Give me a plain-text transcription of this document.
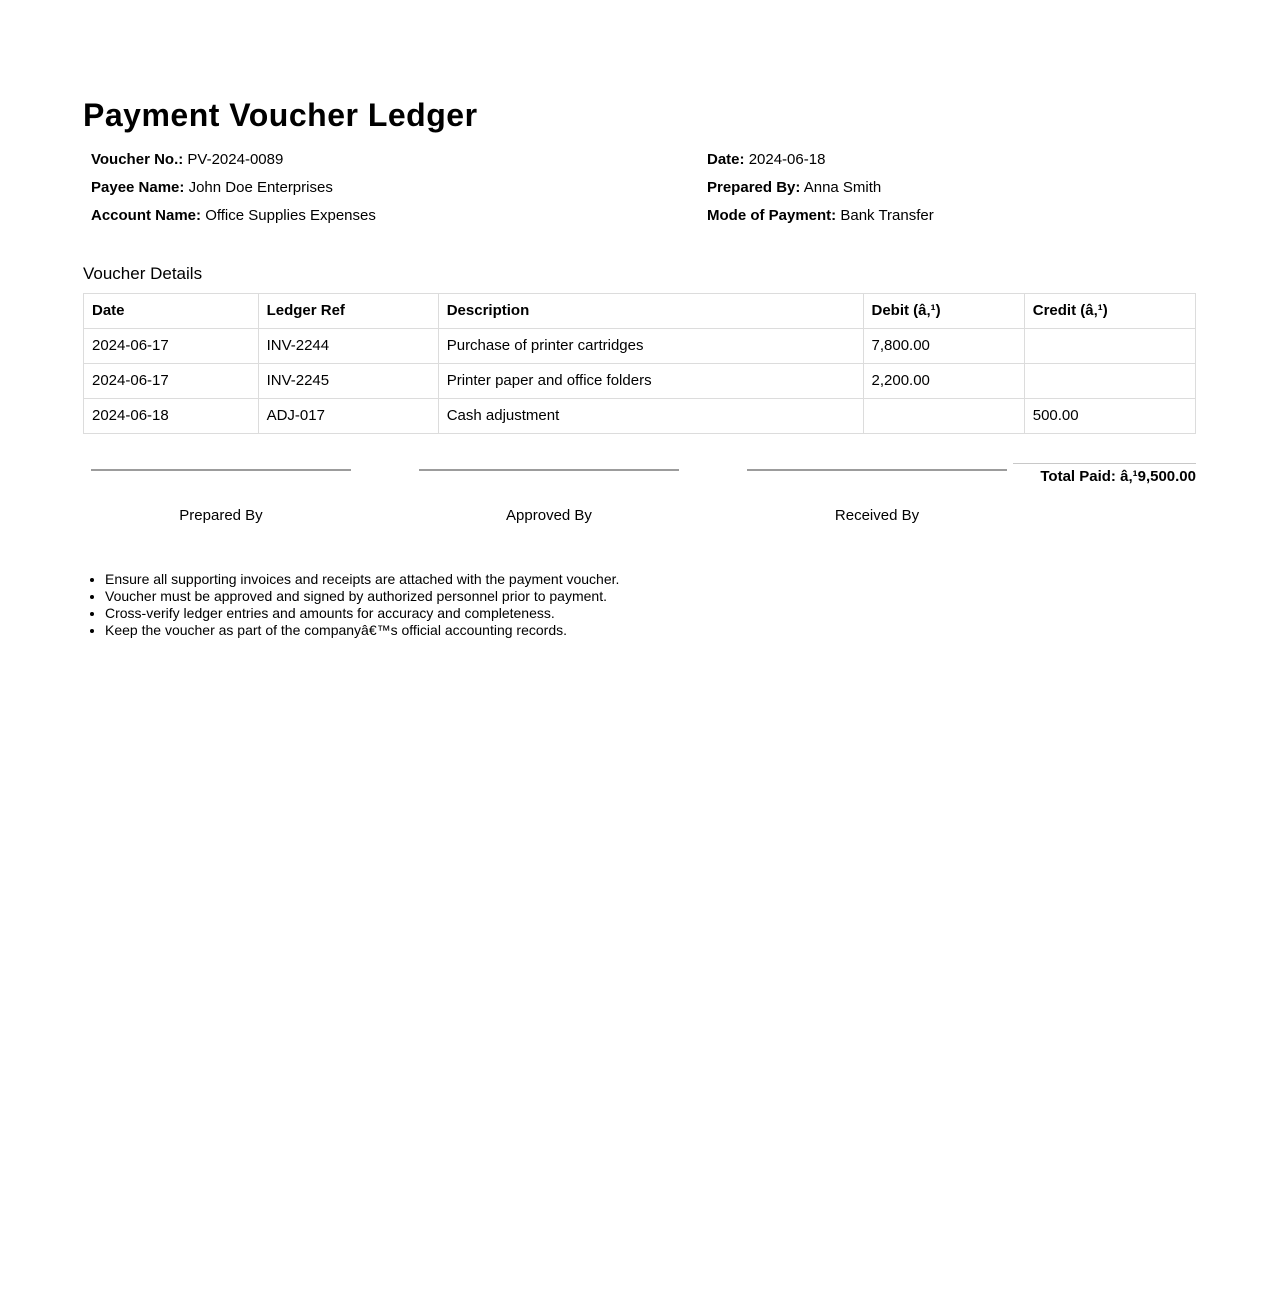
Payment Voucher Ledger
Voucher No.: PV-2024-0089	Date: 2024-06-18
Payee Name: John Doe Enterprises	Prepared By: Anna Smith
Account Name: Office Supplies Expenses	Mode of Payment: Bank Transfer
Voucher Details
Date	Ledger Ref	Description	Debit (â‚¹)	Credit (â‚¹)
2024-06-17	INV-2244	Purchase of printer cartridges	7,800.00	
2024-06-17	INV-2245	Printer paper and office folders	2,200.00	
2024-06-18	ADJ-017	Cash adjustment		500.00
Prepared By	Approved By	Received By
Total Paid: â‚¹9,500.00
• Ensure all supporting invoices and receipts are attached with the payment voucher.
• Voucher must be approved and signed by authorized personnel prior to payment.
• Cross-verify ledger entries and amounts for accuracy and completeness.
• Keep the voucher as part of the companyâ€™s official accounting records.
